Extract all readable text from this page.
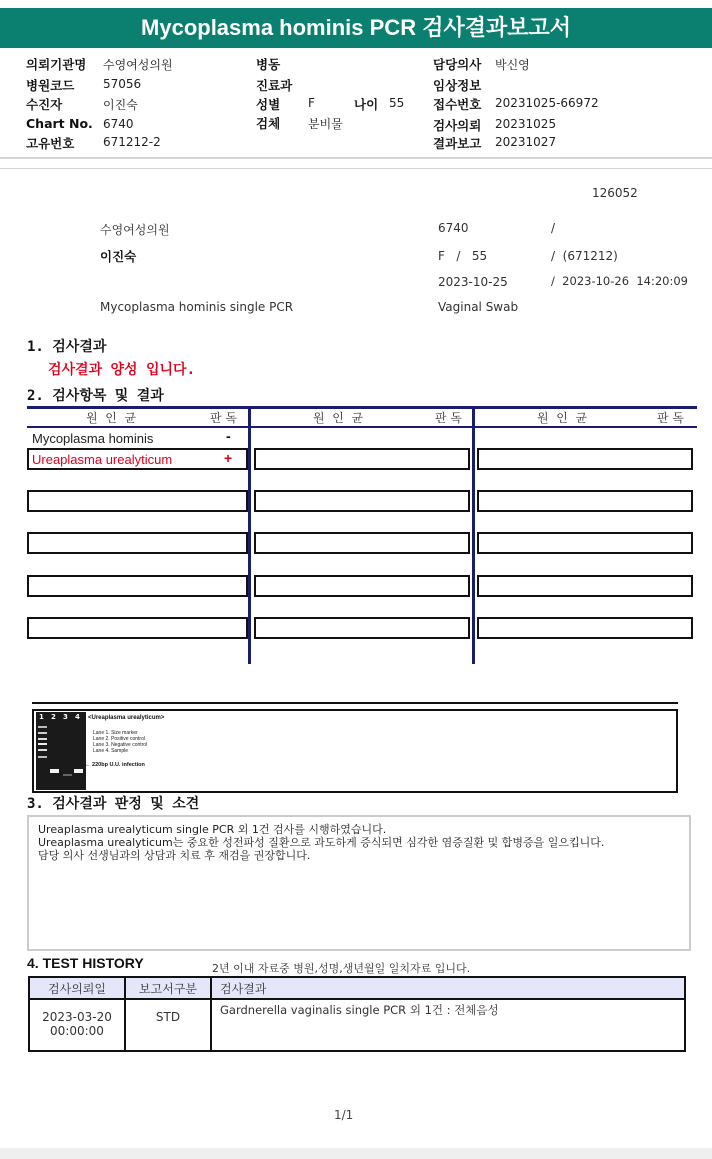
Mycoplasma hominis PCR 검사결과보고서
의뢰기관명 수영여성의원
병원코드 57056
수진자	이진숙
Chart No. 6740
고유번호 671212-2
병동
진료과
성별 F	나이 55
검체 분비물
담당의사 박신영
임상정보
접수번호 20231025-66972
검사의뢰 20231025
결과보고 20231027
126052
수영여성의원	6740	/
이진숙	F   /   55	/  (671212)
2023-10-25	/  2023-10-26  14:20:09
Mycoplasma hominis single PCR	Vaginal Swab
1. 검사결과
검사결과 양성 입니다.
2. 검사항목 및 결과
원  인  균	판 독	원  인  균	판 독	원  인  균	판 독
Mycoplasma hominis	-
Ureaplasma urealyticum	+
1 2 3 4 <Ureaplasma urealyticum>
Lane 1. Size marker
Lane 2. Positive control
Lane 3. Negative control
Lane 4. Sample
← 220bp U.U. infection
3. 검사결과 판정 및 소견
Ureaplasma urealyticum single PCR 외 1건 검사를 시행하였습니다.
Ureaplasma urealyticum는 중요한 성전파성 질환으로 과도하게 증식되면 심각한 염증질환 및 합병증을 일으킵니다.
담당 의사 선생님과의 상담과 치료 후 재검을 권장합니다.
4. TEST HISTORY	2년 이내 자료중 병원,성명,생년월일 일치자료 입니다.
검사의뢰일	보고서구분	검사결과

2023-03-20
00:00:00	STD	Gardnerella vaginalis single PCR 외 1건 : 전체음성
1/1
